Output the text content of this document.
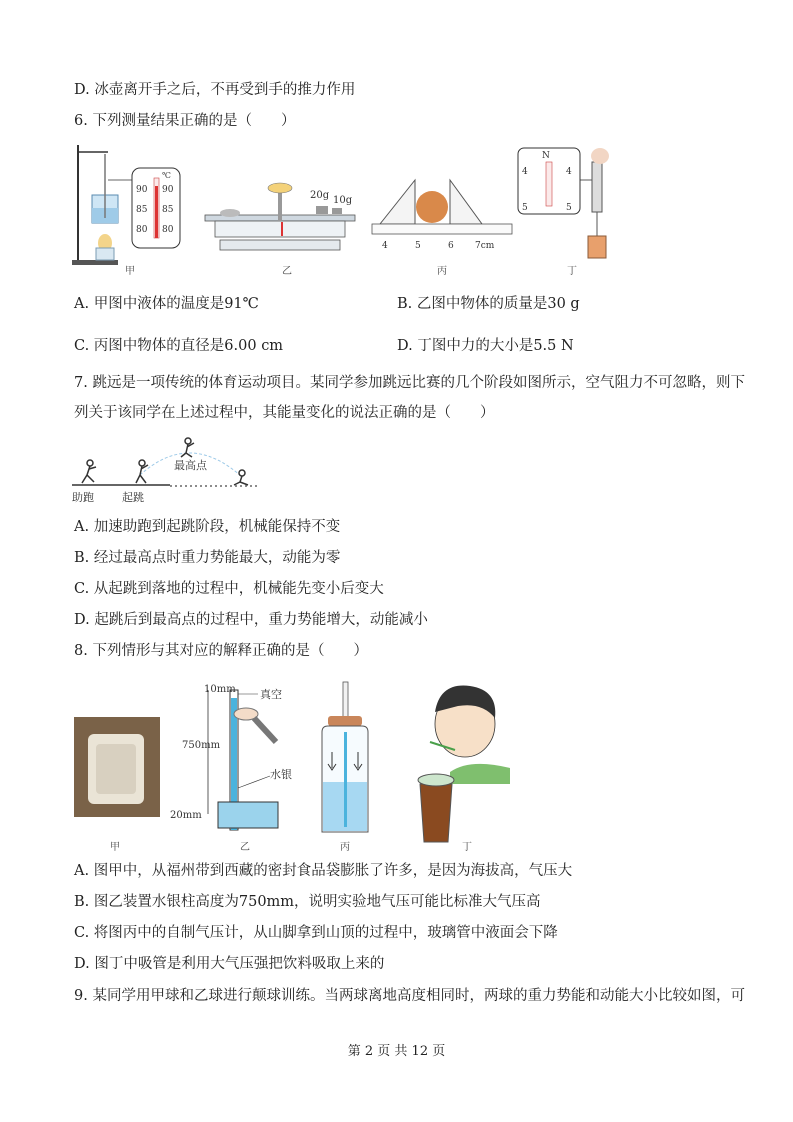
D. 冰壶离开手之后，不再受到手的推力作用
6. 下列测量结果正确的是（　　）
℃
90 90
85 85
80 80
20g 10g
4	5	6 7cm
N
4	4
5	5
甲	乙	丙	丁
A. 甲图中液体的温度是91℃	B. 乙图中物体的质量是30 g
C. 丙图中物体的直径是6.00 cm	D. 丁图中力的大小是5.5 N
7. 跳远是一项传统的体育运动项目。某同学参加跳远比赛的几个阶段如图所示，空气阻力不可忽略，则下
列关于该同学在上述过程中，其能量变化的说法正确的是（　　）
助跑	起跳
最高点
A. 加速助跑到起跳阶段，机械能保持不变
B. 经过最高点时重力势能最大，动能为零
C. 从起跳到落地的过程中，机械能先变小后变大
D. 起跳后到最高点的过程中，重力势能增大，动能减小
8. 下列情形与其对应的解释正确的是（　　）
10mm 真空
750mm
水银
20mm
甲	乙	丙	丁
A. 图甲中，从福州带到西藏的密封食品袋膨胀了许多，是因为海拔高，气压大
B. 图乙装置水银柱高度为750mm，说明实验地气压可能比标准大气压高
C. 将图丙中的自制气压计，从山脚拿到山顶的过程中，玻璃管中液面会下降
D. 图丁中吸管是利用大气压强把饮料吸取上来的
9. 某同学用甲球和乙球进行颠球训练。当两球离地高度相同时，两球的重力势能和动能大小比较如图，可
第 2 页 共 12 页
